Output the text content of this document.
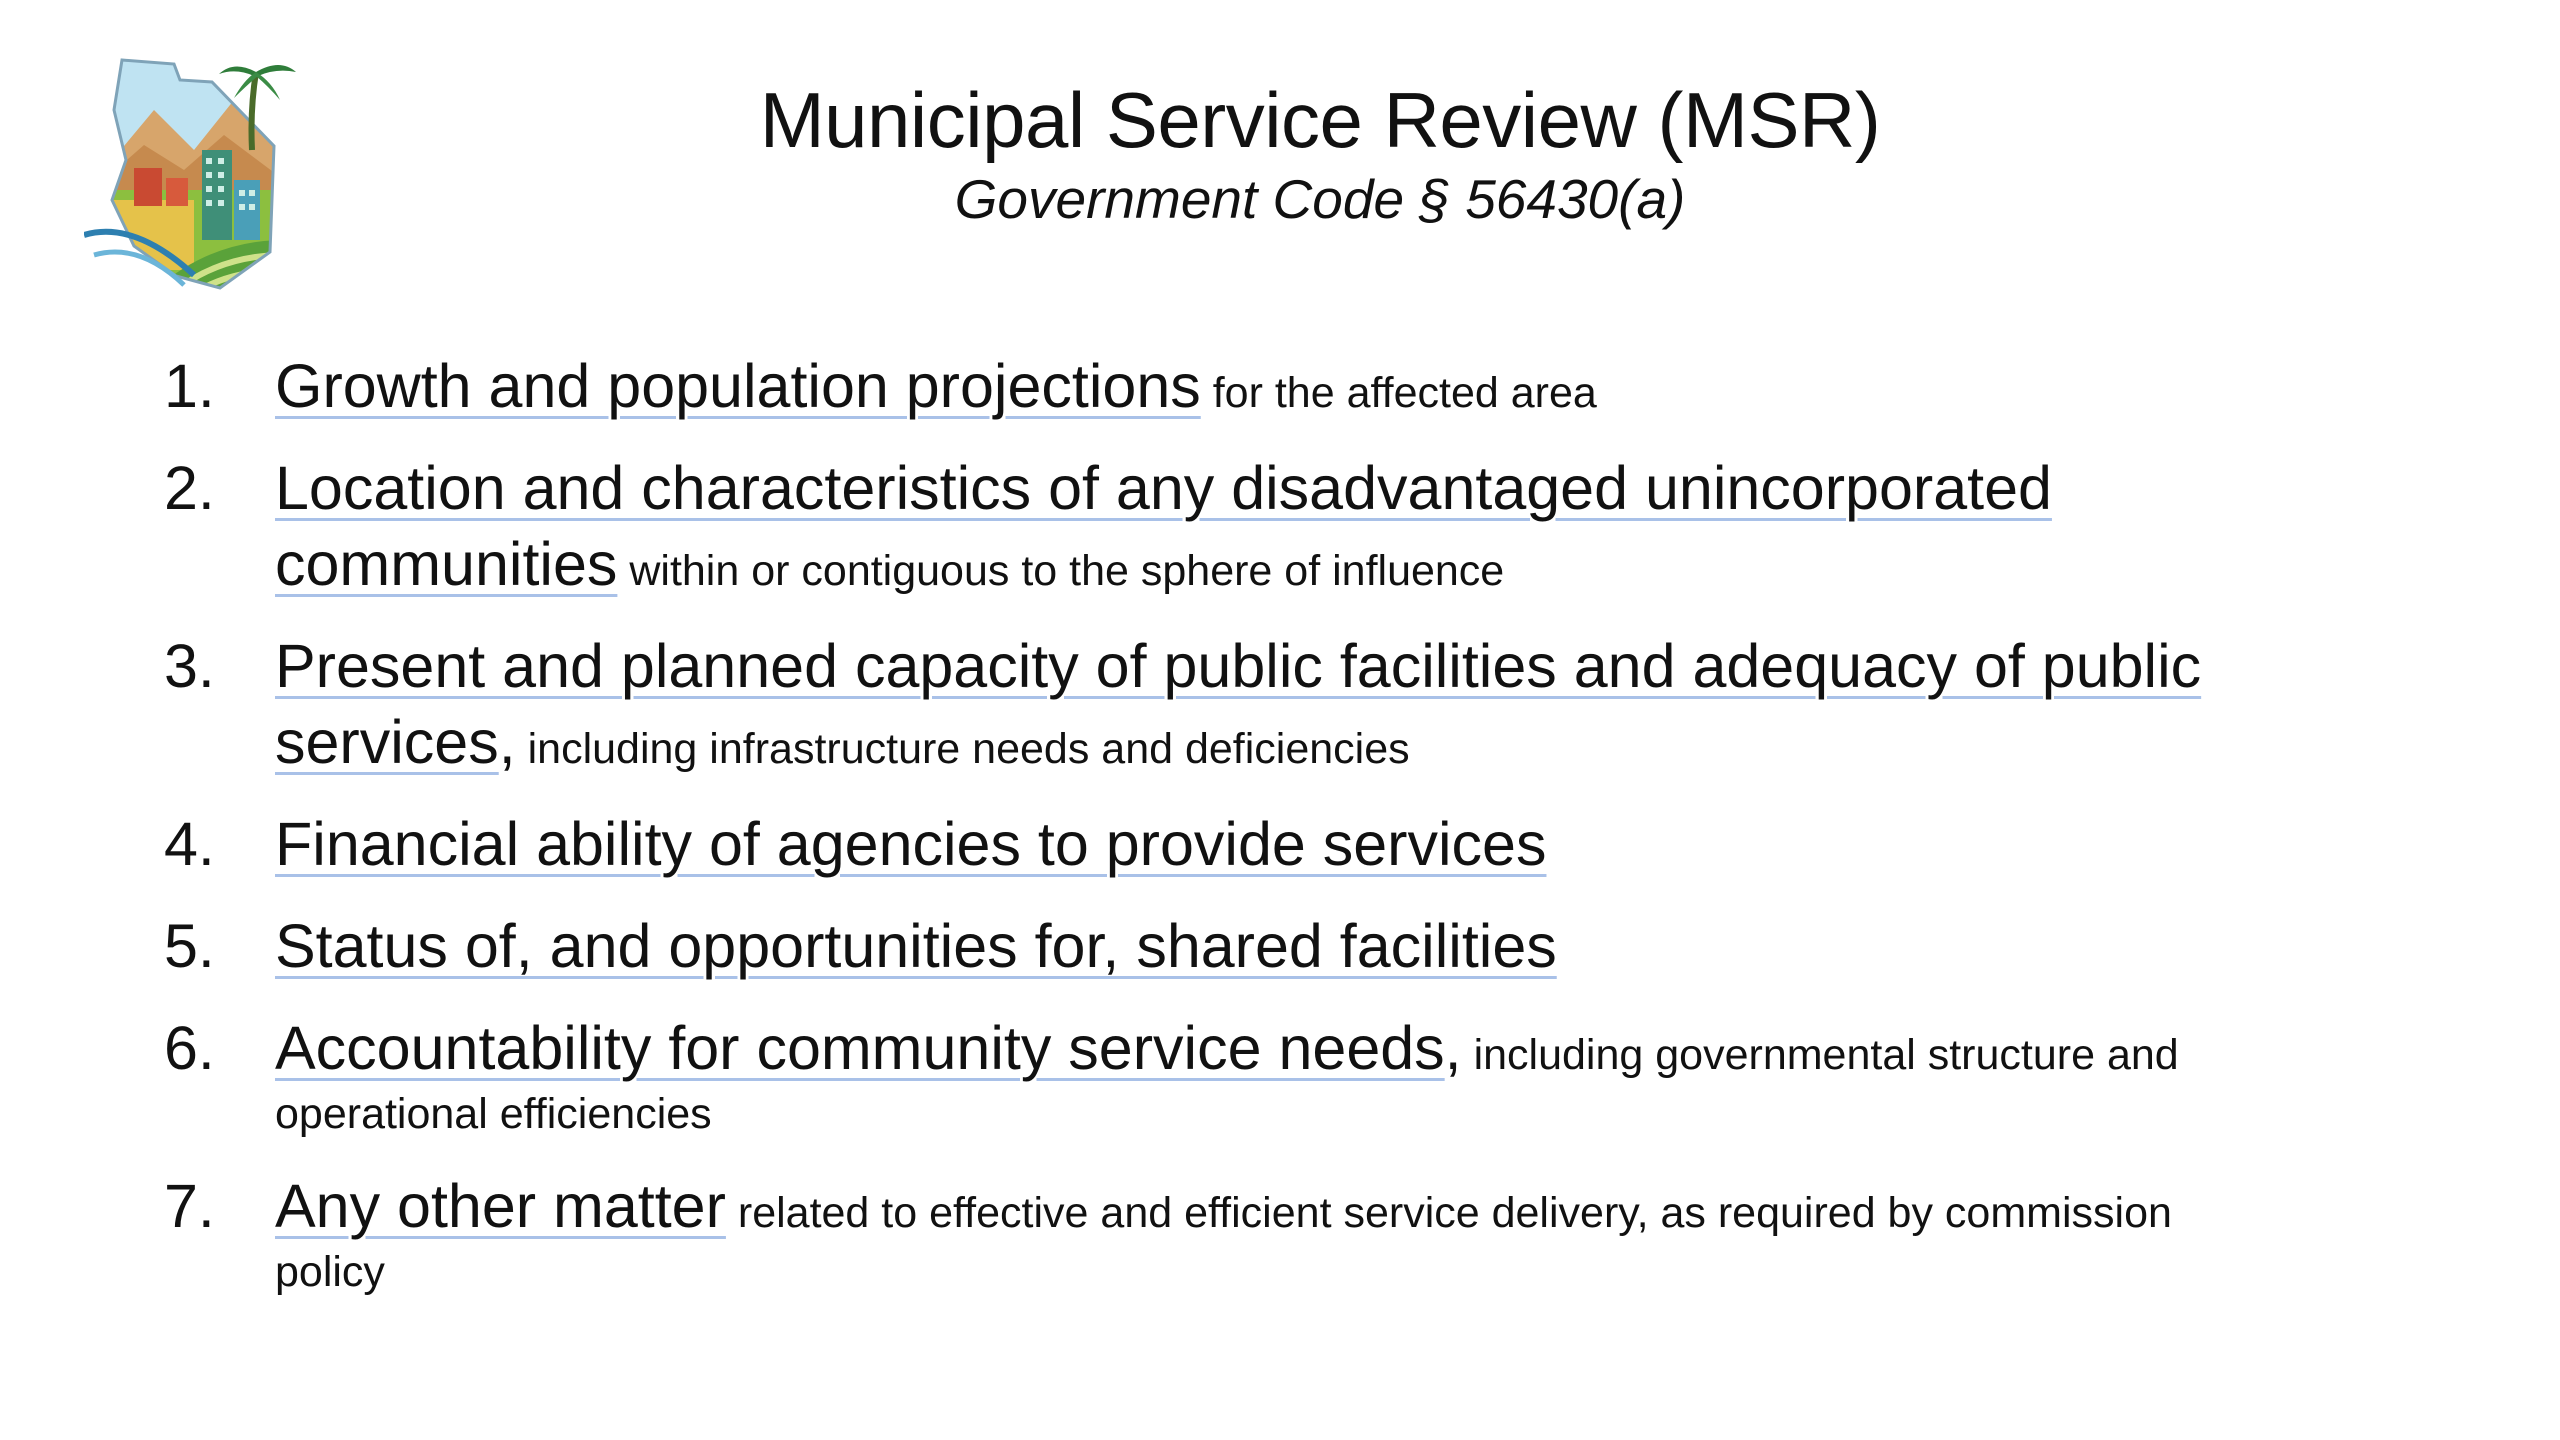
Municipal Service Review (MSR)
Government Code § 56430(a)
1. Growth and population projections for the affected area
2. Location and characteristics of any disadvantaged unincorporated
communities within or contiguous to the sphere of influence
3. Present and planned capacity of public facilities and adequacy of public
services, including infrastructure needs and deficiencies
4. Financial ability of agencies to provide services
5. Status of, and opportunities for, shared facilities
6. Accountability for community service needs, including governmental structure and
operational efficiencies
7. Any other matter related to effective and efficient service delivery, as required by commission
policy
